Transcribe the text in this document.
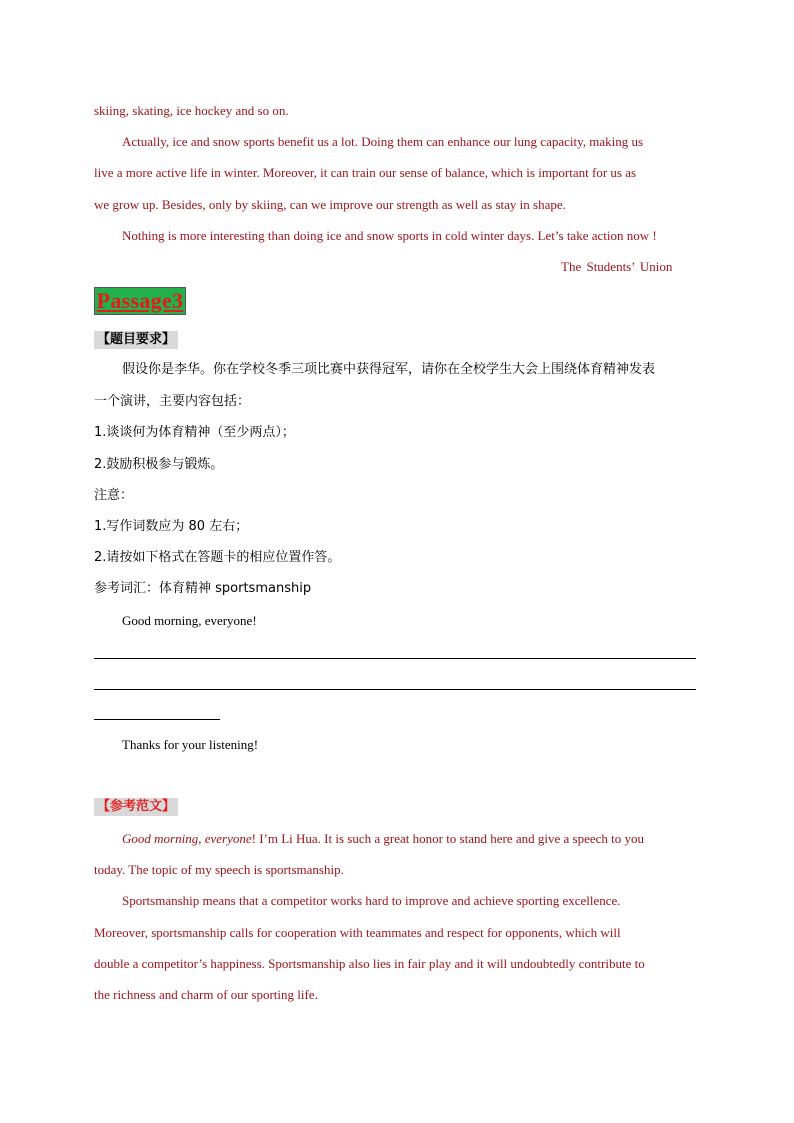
skiing, skating, ice hockey and so on.
Actually, ice and snow sports benefit us a lot. Doing them can enhance our lung capacity, making us
live a more active life in winter. Moreover, it can train our sense of balance, which is important for us as
we grow up. Besides, only by skiing, can we improve our strength as well as stay in shape.
Nothing is more interesting than doing ice and snow sports in cold winter days. Let’s take action now !
The Students’ Union
Passage3
【题目要求】
假设你是李华。你在学校冬季三项比赛中获得冠军，请你在全校学生大会上围绕体育精神发表
一个演讲，主要内容包括：
1.谈谈何为体育精神（至少两点）；
2.鼓励积极参与锻炼。
注意：
1.写作词数应为 80 左右；
2.请按如下格式在答题卡的相应位置作答。
参考词汇：体育精神 sportsmanship
Good morning, everyone!
Thanks for your listening!
【参考范文】
Good morning, everyone! I’m Li Hua. It is such a great honor to stand here and give a speech to you
today. The topic of my speech is sportsmanship.
Sportsmanship means that a competitor works hard to improve and achieve sporting excellence.
Moreover, sportsmanship calls for cooperation with teammates and respect for opponents, which will
double a competitor’s happiness. Sportsmanship also lies in fair play and it will undoubtedly contribute to
the richness and charm of our sporting life.
